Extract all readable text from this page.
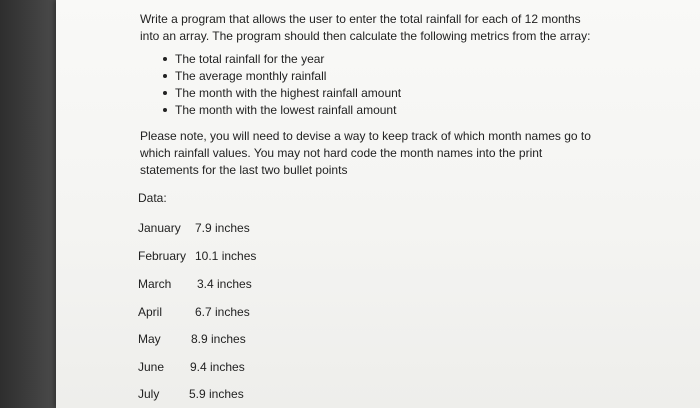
Write a program that allows the user to enter the total rainfall for each of 12 months

into an array. The program should then calculate the following metrics from the array:

The total rainfall for the year
The average monthly rainfall
The month with the highest rainfall amount
The month with the lowest rainfall amount

Please note, you will need to devise a way to keep track of which month names go to

which rainfall values. You may not hard code the month names into the print

statements for the last two bullet points

Data:
January 7.9 inches
February 10.1 inches
March 3.4 inches
April	6.7 inches
May	8.9 inches
June 9.4 inches
July 5.9 inches
